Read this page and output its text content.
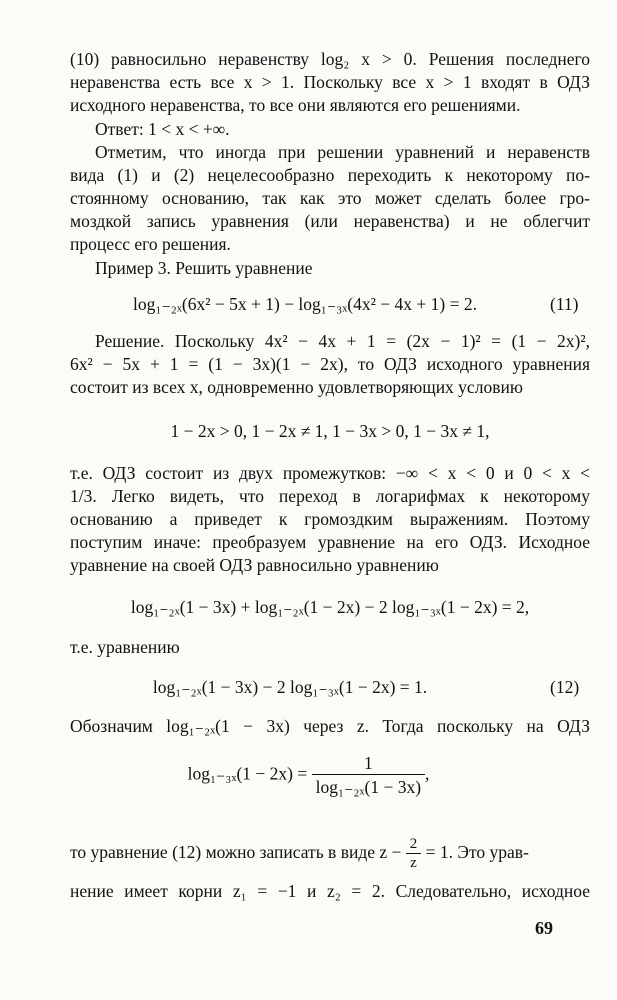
(10) равносильно неравенству log₂ x > 0. Решения последнего
неравенства есть все x > 1. Поскольку все x > 1 входят в ОДЗ
исходного неравенства, то все они являются его решениями.
Ответ: 1 < x < +∞.
Отметим, что иногда при решении уравнений и неравенств
вида (1) и (2) нецелесообразно переходить к некоторому по-
стоянному основанию, так как это может сделать более гро-
моздкой запись уравнения (или неравенства) и не облегчит
процесс его решения.
Пример 3. Решить уравнение
log₁₋₂ₓ(6x² − 5x + 1) − log₁₋₃ₓ(4x² − 4x + 1) = 2.	(11)
Решение. Поскольку 4x² − 4x + 1 = (2x − 1)² = (1 − 2x)²,
6x² − 5x + 1 = (1 − 3x)(1 − 2x), то ОДЗ исходного уравнения
состоит из всех x, одновременно удовлетворяющих условию
1 − 2x > 0, 1 − 2x ≠ 1, 1 − 3x > 0, 1 − 3x ≠ 1,
т.е. ОДЗ состоит из двух промежутков: −∞ < x < 0 и 0 < x <
1/3. Легко видеть, что переход в логарифмах к некоторому
основанию a приведет к громоздким выражениям. Поэтому
поступим иначе: преобразуем уравнение на его ОДЗ. Исходное
уравнение на своей ОДЗ равносильно уравнению
log₁₋₂ₓ(1 − 3x) + log₁₋₂ₓ(1 − 2x) − 2 log₁₋₃ₓ(1 − 2x) = 2,
т.е. уравнению
log₁₋₂ₓ(1 − 3x) − 2 log₁₋₃ₓ(1 − 2x) = 1.	(12)
Обозначим log₁₋₂ₓ(1 − 3x) через z. Тогда поскольку на ОДЗ
$\log_{1-3x}(1 - 2x) = \frac{1}{\text{log₁₋₂ₓ(1 − 3x)}}$ ,
то уравнение (12) можно записать в виде $z - \frac{2}{z} = 1$. Это урав-
нение имеет корни z₁ = −1 и z₂ = 2. Следовательно, исходное
69
